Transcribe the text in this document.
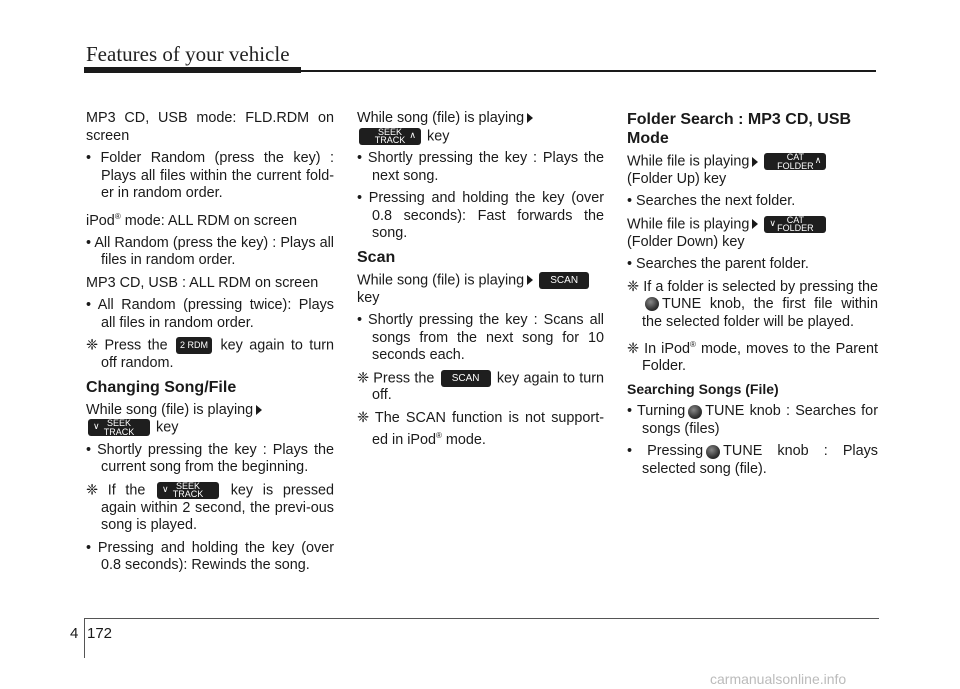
Features of your vehicle

MP3 CD, USB mode: FLD.RDM on screen

• Folder Random (press the key) : Plays all files within the current fold-er in random order.

iPod® mode: ALL RDM on screen

• All Random (press the key) : Plays all files in random order.

MP3 CD, USB : ALL RDM on screen

• All Random (pressing twice): Plays all files in random order.

❈ Press the 2 RDM key again to turn off random.

Changing Song/File

While song (file) is playing

∨ SEEK
TRACK	key

• Shortly pressing the key : Plays the current song from the beginning.

❈ If the ∨ SEEK
TRACK	key is pressed again within 2 second, the previ-ous song is played.

• Pressing and holding the key (over 0.8 seconds): Rewinds the song.

While song (file) is playing

SEEK
TRACK
∧ key

• Shortly pressing the key : Plays the next song.

• Pressing and holding the key (over 0.8 seconds): Fast forwards the song.

Scan

While song (file) is playing	SCAN
key

• Shortly pressing the key : Scans all songs from the next song for 10 seconds each.

❈ Press the SCAN key again to turn off.

❈ The SCAN function is not support-ed in iPod® mode.

Folder Search : MP3 CD, USB Mode

While file is playing	CAT
FOLDER
∧

(Folder Up) key

• Searches the next folder.

While file is playing ∨	CAT
FOLDER

(Folder Down) key

• Searches the parent folder.

❈ If a folder is selected by pressing theTUNE knob, the first file within the selected folder will be played.

❈ In iPod® mode, moves to the Parent Folder.

Searching Songs (File)

• Turning TUNE knob : Searches for songs (files)

• Pressing TUNE knob : Plays selected song (file).

4 172
carmanualsonline.info
